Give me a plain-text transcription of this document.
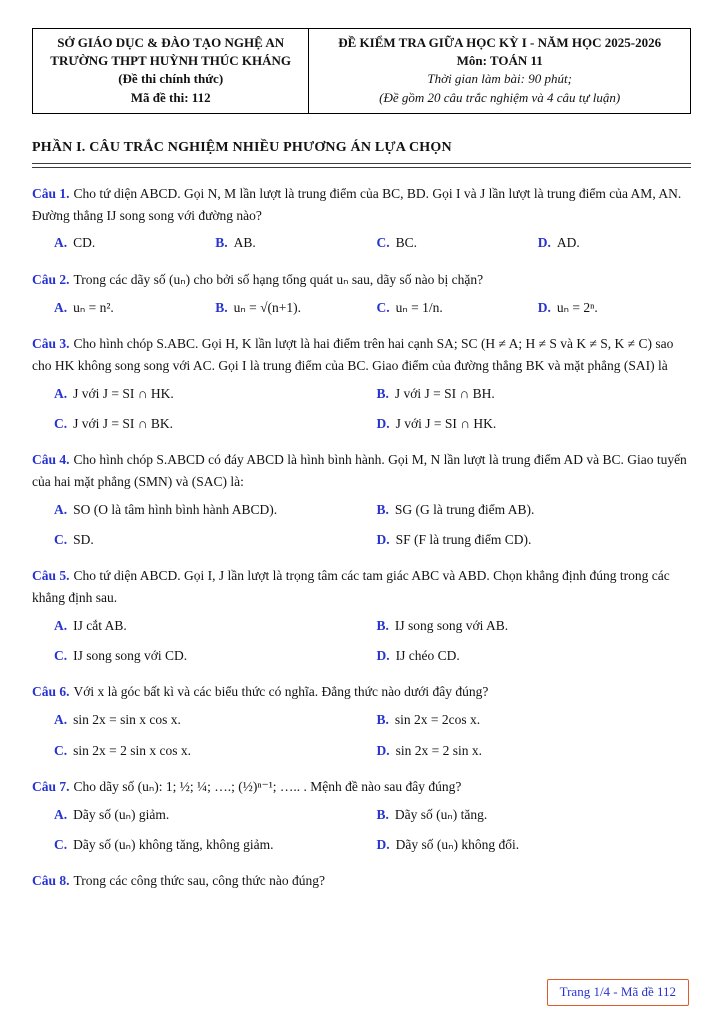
SỞ GIÁO DỤC & ĐÀO TẠO NGHỆ AN
TRƯỜNG THPT HUỲNH THÚC KHÁNG
(Đề thi chính thức)
Mã đề thi: 112

ĐỀ KIỂM TRA GIỮA HỌC KỲ I - NĂM HỌC 2025-2026
Môn: TOÁN 11
Thời gian làm bài: 90 phút;
(Đề gồm 20 câu trắc nghiệm và 4 câu tự luận)
PHẦN I. CÂU TRẮC NGHIỆM NHIỀU PHƯƠNG ÁN LỰA CHỌN

Câu 1. Cho tứ diện ABCD. Gọi N, M lần lượt là trung điểm của BC, BD. Gọi I và J lần lượt là trung điểm của AM, AN. Đường thẳng IJ song song với đường nào?

A. CD.	B. AB.	C. BC.	D. AD.

Câu 2. Trong các dãy số (uₙ) cho bởi số hạng tổng quát uₙ sau, dãy số nào bị chặn?

A. uₙ = n².	B. uₙ = √(n+1).	C. uₙ = 1/n.	D. uₙ = 2ⁿ.

Câu 3. Cho hình chóp S.ABC. Gọi H, K lần lượt là hai điểm trên hai cạnh SA; SC (H ≠ A; H ≠ S và K ≠ S, K ≠ C) sao cho HK không song song với AC. Gọi I là trung điểm của BC. Giao điểm của đường thẳng BK và mặt phẳng (SAI) là

A. J với J = SI ∩ HK.	B. J với J = SI ∩ BH.
C. J với J = SI ∩ BK.	D. J với J = SI ∩ HK.

Câu 4. Cho hình chóp S.ABCD có đáy ABCD là hình bình hành. Gọi M, N lần lượt là trung điểm AD và BC. Giao tuyến của hai mặt phẳng (SMN) và (SAC) là:

A. SO (O là tâm hình bình hành ABCD).	B. SG (G là trung điểm AB).
C. SD.	D. SF (F là trung điểm CD).

Câu 5. Cho tứ diện ABCD. Gọi I, J lần lượt là trọng tâm các tam giác ABC và ABD. Chọn khẳng định đúng trong các khẳng định sau.

A. IJ cắt AB.	B. IJ song song với AB.
C. IJ song song với CD.	D. IJ chéo CD.

Câu 6. Với x là góc bất kì và các biểu thức có nghĩa. Đẳng thức nào dưới đây đúng?

A. sin 2x = sin x cos x.	B. sin 2x = 2cos x.
C. sin 2x = 2 sin x cos x.	D. sin 2x = 2 sin x.

Câu 7. Cho dãy số (uₙ): 1; ½; ¼; ….; (½)ⁿ⁻¹; ….. . Mệnh đề nào sau đây đúng?

A. Dãy số (uₙ) giảm.	B. Dãy số (uₙ) tăng.
C. Dãy số (uₙ) không tăng, không giảm.	D. Dãy số (uₙ) không đổi.

Câu 8. Trong các công thức sau, công thức nào đúng?

Trang 1/4 - Mã đề 112
